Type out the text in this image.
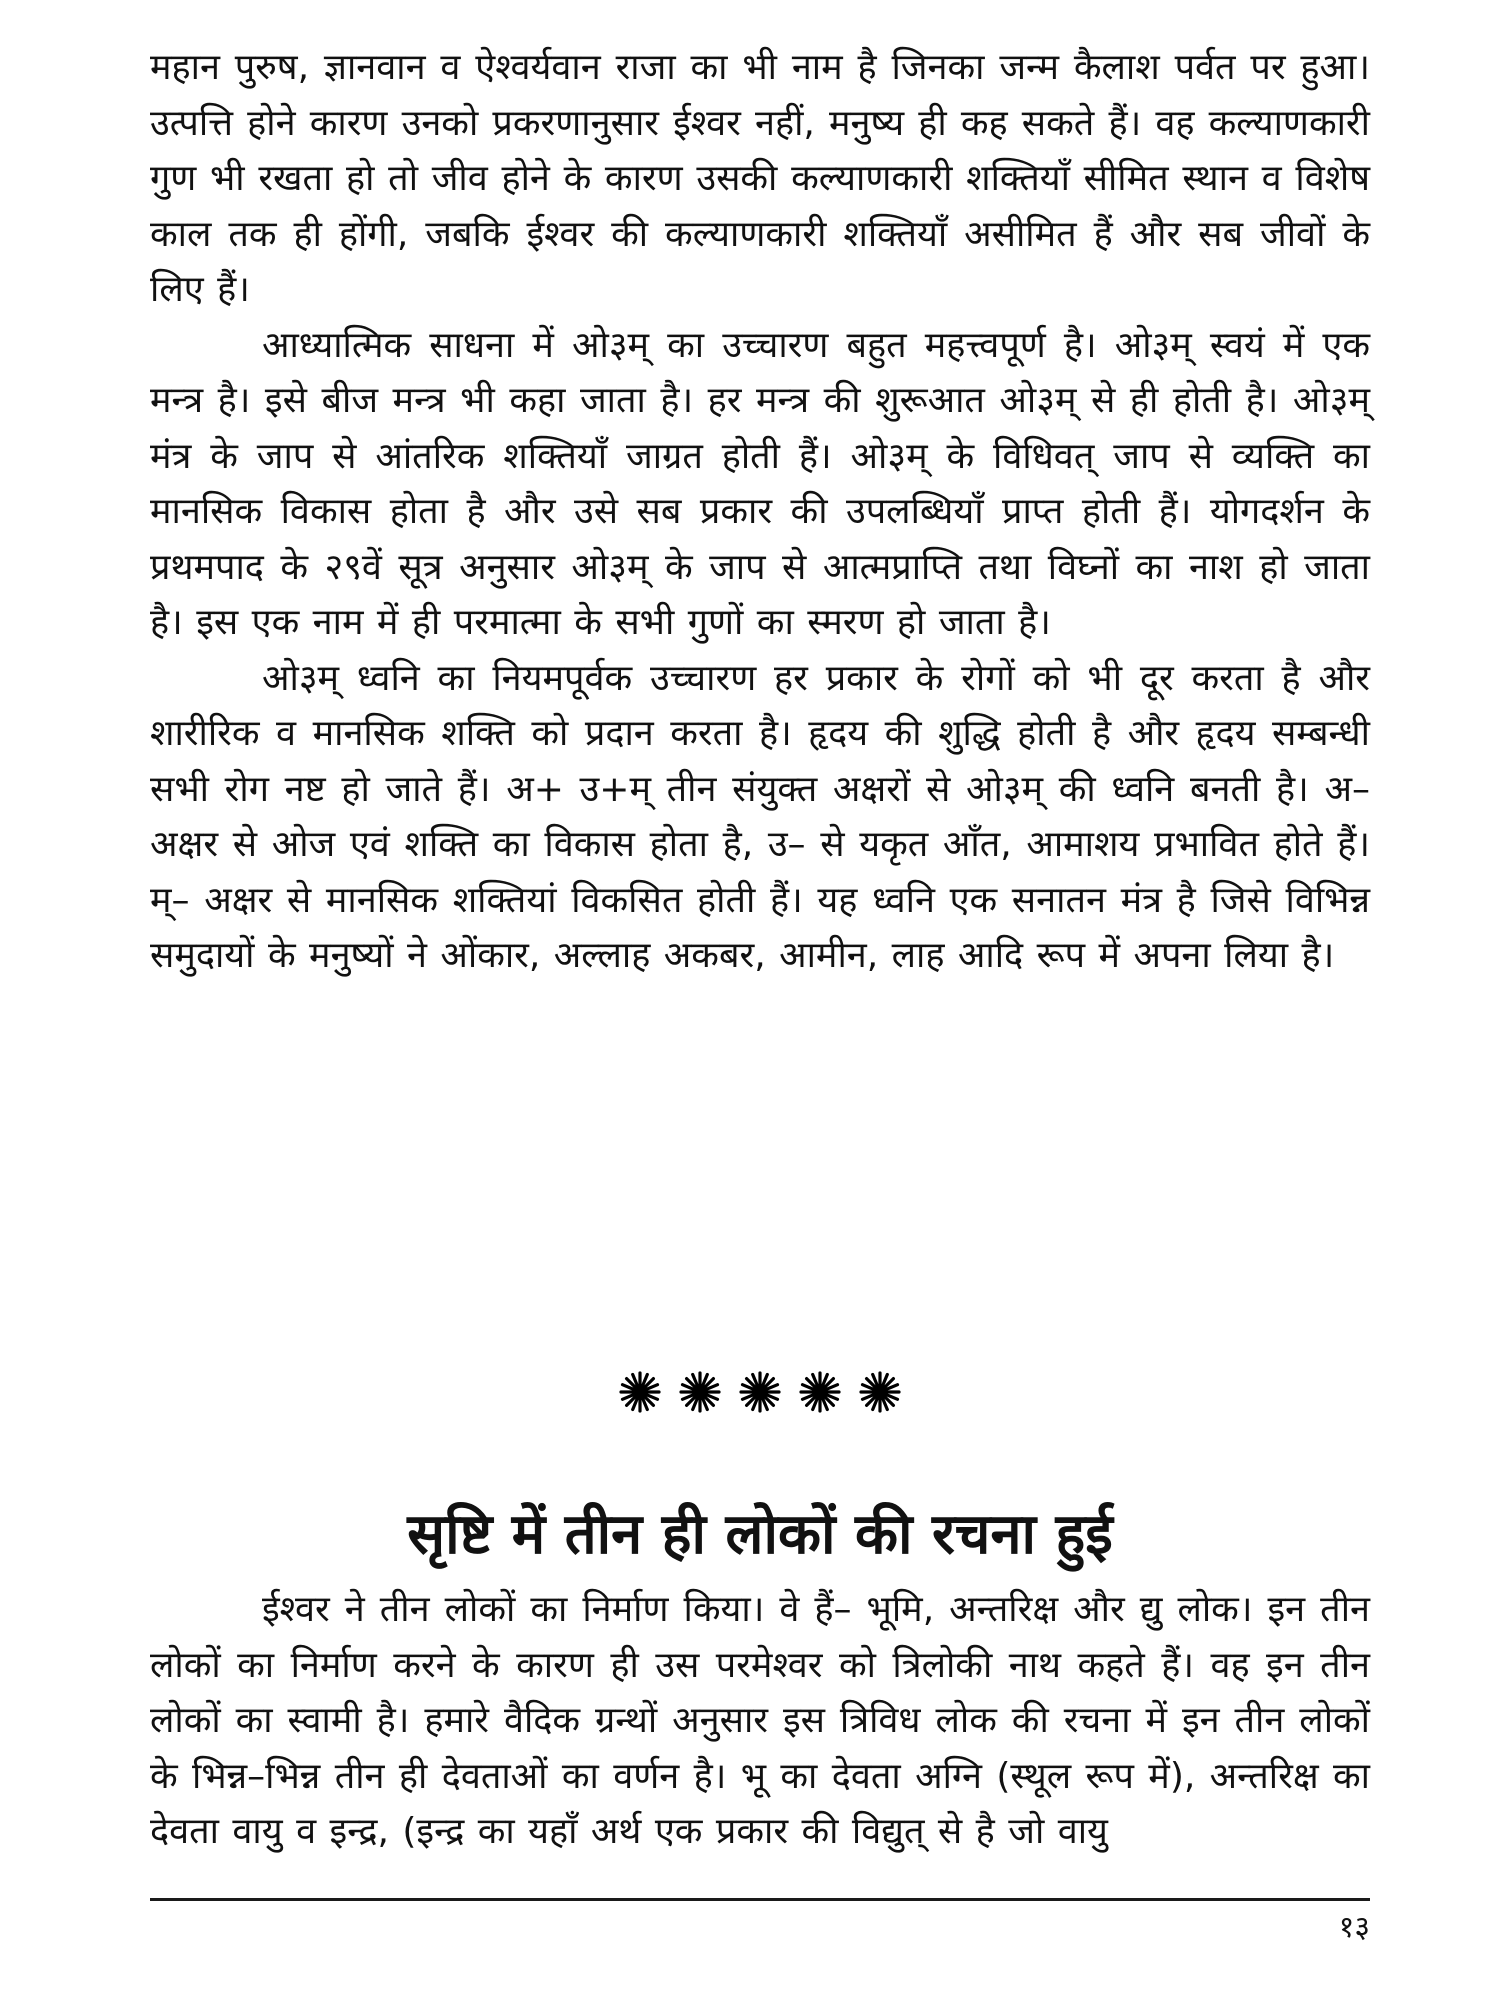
महान पुरुष, ज्ञानवान व ऐश्वर्यवान राजा का भी नाम है जिनका जन्म कैलाश पर्वत पर हुआ। उत्पत्ति होने कारण उनको प्रकरणानुसार ईश्वर नहीं, मनुष्य ही कह सकते हैं। वह कल्याणकारी गुण भी रखता हो तो जीव होने के कारण उसकी कल्याणकारी शक्तियाँ सीमित स्थान व विशेष काल तक ही होंगी, जबकि ईश्वर की कल्याणकारी शक्तियाँ असीमित हैं और सब जीवों के लिए हैं।

आध्यात्मिक साधना में ओ३म् का उच्चारण बहुत महत्त्वपूर्ण है। ओ३म् स्वयं में एक मन्त्र है। इसे बीज मन्त्र भी कहा जाता है। हर मन्त्र की शुरूआत ओ३म् से ही होती है। ओ३म् मंत्र के जाप से आंतरिक शक्तियाँ जाग्रत होती हैं। ओ३म् के विधिवत् जाप से व्यक्ति का मानसिक विकास होता है और उसे सब प्रकार की उपलब्धियाँ प्राप्त होती हैं। योगदर्शन के प्रथमपाद के २९वें सूत्र अनुसार ओ३म् के जाप से आत्मप्राप्ति तथा विघ्नों का नाश हो जाता है। इस एक नाम में ही परमात्मा के सभी गुणों का स्मरण हो जाता है।

ओ३म् ध्वनि का नियमपूर्वक उच्चारण हर प्रकार के रोगों को भी दूर करता है और शारीरिक व मानसिक शक्ति को प्रदान करता है। हृदय की शुद्धि होती है और हृदय सम्बन्धी सभी रोग नष्ट हो जाते हैं। अ+ उ+म् तीन संयुक्त अक्षरों से ओ३म् की ध्वनि बनती है। अ–अक्षर से ओज एवं शक्ति का विकास होता है, उ– से यकृत आँत, आमाशय प्रभावित होते हैं। म्– अक्षर से मानसिक शक्तियां विकसित होती हैं। यह ध्वनि एक सनातन मंत्र है जिसे विभिन्न समुदायों के मनुष्यों ने ओंकार, अल्लाह अकबर, आमीन, लाह आदि रूप में अपना लिया है।

सृष्टि में तीन ही लोकों की रचना हुई

ईश्वर ने तीन लोकों का निर्माण किया। वे हैं– भूमि, अन्तरिक्ष और द्यु लोक। इन तीन लोकों का निर्माण करने के कारण ही उस परमेश्वर को त्रिलोकी नाथ कहते हैं। वह इन तीन लोकों का स्वामी है। हमारे वैदिक ग्रन्थों अनुसार इस त्रिविध लोक की रचना में इन तीन लोकों के भिन्न–भिन्न तीन ही देवताओं का वर्णन है। भू का देवता अग्नि (स्थूल रूप में), अन्तरिक्ष का देवता वायु व इन्द्र, (इन्द्र का यहाँ अर्थ एक प्रकार की विद्युत् से है जो वायु

१३
